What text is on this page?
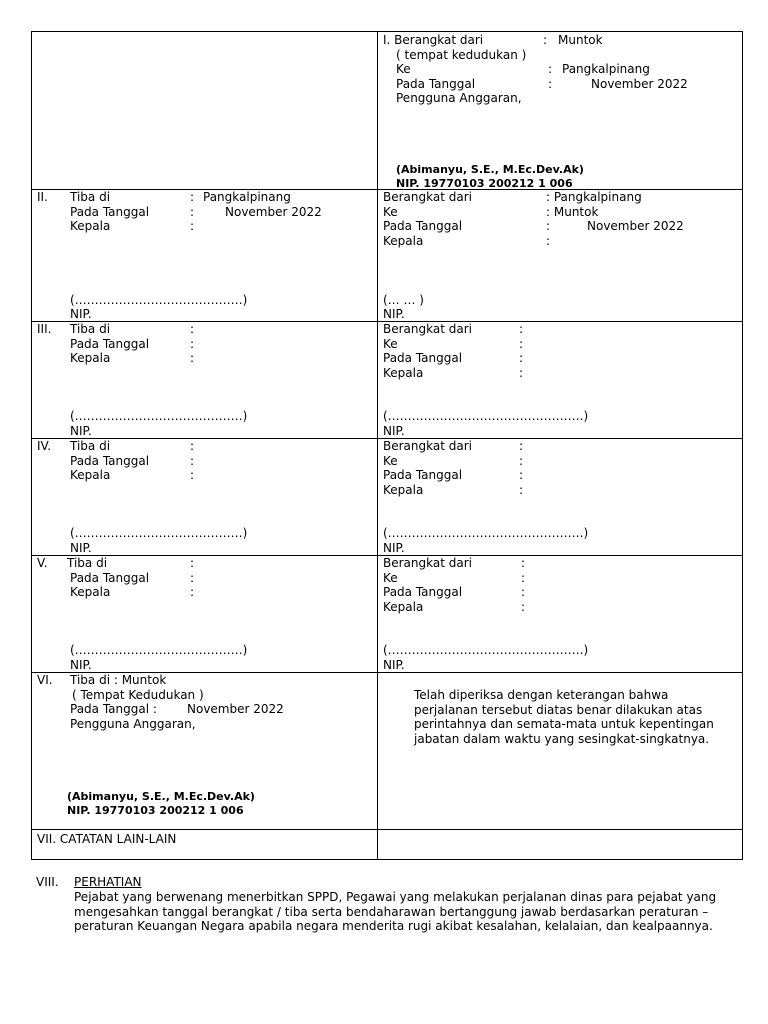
I. Berangkat dari	: Muntok
( tempat kedudukan )
Ke	: Pangkalpinang
Pada Tanggal	:	November 2022
Pengguna Anggaran,
(Abimanyu, S.E., M.Ec.Dev.Ak)
NIP. 19770103 200212 1 006
II. Tiba di	: Pangkalpinang
Pada Tanggal	:	November 2022
Kepala	:
(……………………………………)
NIP.
Berangkat dari	: Pangkalpinang
Ke	: Muntok
Pada Tanggal	:	November 2022
Kepala	:
(… … )
NIP.
III. Tiba di	:
Pada Tanggal	:
Kepala	:
(……………………………………)
NIP.
Berangkat dari	:
Ke	:
Pada Tanggal	:
Kepala	:
(………………………………………….)
NIP.
IV. Tiba di	:
Pada Tanggal	:
Kepala	:
(……………………………………)
NIP.
Berangkat dari	:
Ke	:
Pada Tanggal	:
Kepala	:
(………………………………………….)
NIP.
V. Tiba di	:
Pada Tanggal	:
Kepala	:
(……………………………………)
NIP.
Berangkat dari	:
Ke	:
Pada Tanggal	:
Kepala	:
(………………………………………….)
NIP.
VI. Tiba di : Muntok
( Tempat Kedudukan )
Pada Tanggal :	November 2022
Pengguna Anggaran,
(Abimanyu, S.E., M.Ec.Dev.Ak)
NIP. 19770103 200212 1 006
Telah diperiksa dengan keterangan bahwa perjalanan tersebut diatas benar dilakukan atas perintahnya dan semata-mata untuk kepentingan jabatan dalam waktu yang sesingkat-singkatnya.
VII. CATATAN LAIN-LAIN
VIII. PERHATIAN
Pejabat yang berwenang menerbitkan SPPD, Pegawai yang melakukan perjalanan dinas para pejabat yang mengesahkan tanggal berangkat / tiba serta bendaharawan bertanggung jawab berdasarkan peraturan – peraturan Keuangan Negara apabila negara menderita rugi akibat kesalahan, kelalaian, dan kealpaannya.
